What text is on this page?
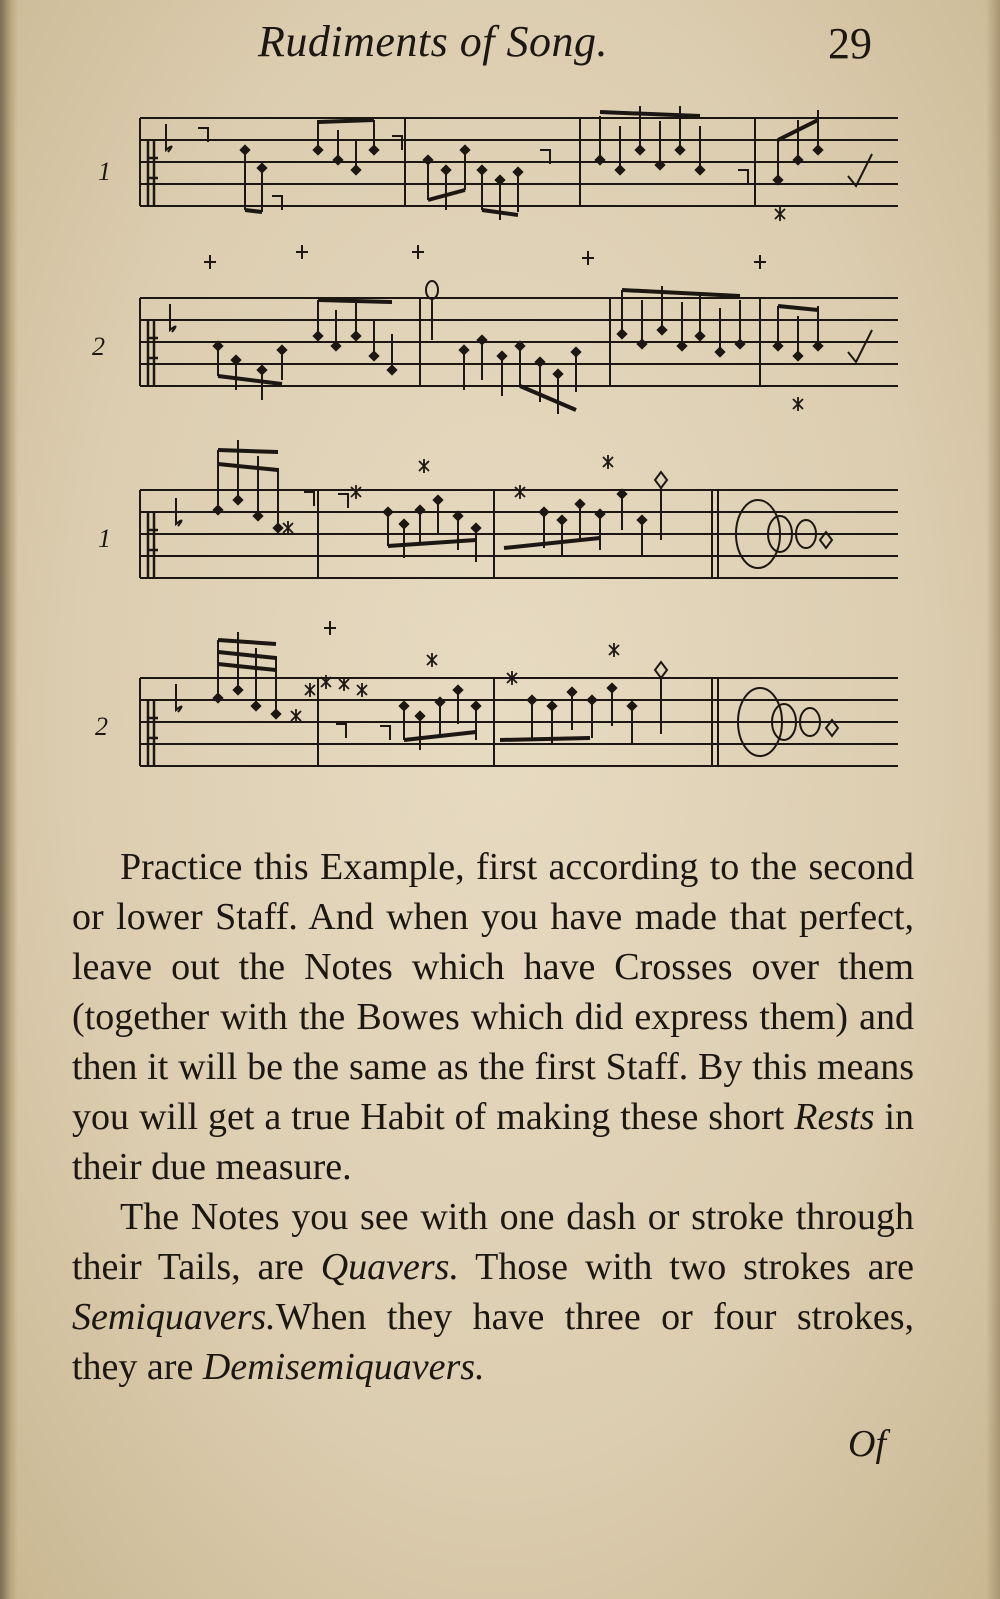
Rudiments of Song.	29
1
2
1
2

Practice this Example, first according to the second or lower Staff. And when you have made that perfect, leave out the Notes which have Crosses over them (together with the Bowes which did express them) and then it will be the same as the first Staff. By this means you will get a true Habit of making these short Rests in their due measure.

The Notes you see with one dash or stroke through their Tails, are Quavers. Those with two strokes are Semiquavers.When they have three or four strokes, they are Demisemiquavers.

Of
